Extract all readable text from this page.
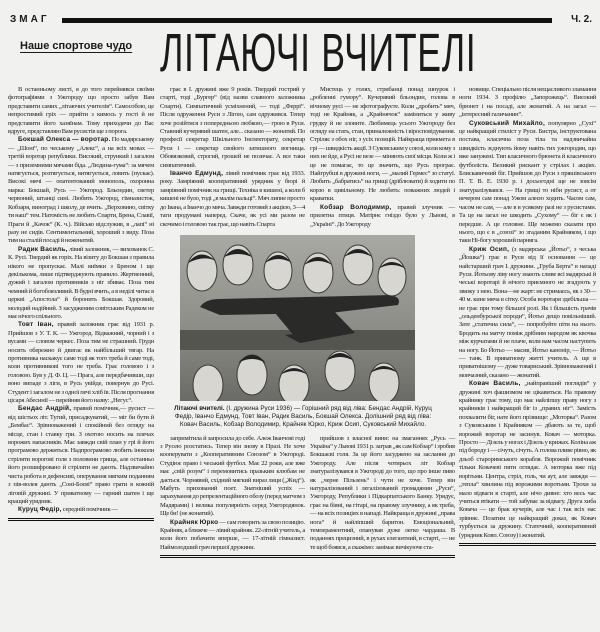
ЗМАГ	Ч. 2.
Наше спортове чудо ЛІТАЮЧІ ВЧИТЕЛІ

В останньому листі, я до того перейнявся своїми фотографіями з Ужгороду що просто забув Вам представити самих „літаючих учителів“. Самособою, це непростимий гріх — прийти з кимось у гості й не представити його хазяїнам. Тому приходячи до Вас вдруге, представляю Вам русистів ще з порога.

Бокшай Олекса — воротар. По мадярському — „Шоні“, по чеському „Алекс“, а на всіх мовах — третій воротар републики. Високий, стрункий і загалом — з приземними мячами біда. „Людина-гума“: за мячем натягується, розтягується, витягується, ловить (пускає). Високі мячі — опатентований монополь, охоронна марка: Бокшай, Русь — Ужгород. Бльондин, светер червоний, штанці сині. Любить Ужгород, гімназисток, Кобзаря, виноград і школу, де вчить. „Верховино, світку ти наш“ тем. Натомість не любить Спарти, Брена, Славії, Праги й „Качок“ (К. ч.). Військо відслужив, в „лапі“ ні разу не сидів. Сентиментальний, хороший з виду. Поза тим на сталій посаді й неженатий.

Радик Василь, лівий заложник, — вихованок С. К. Русі. Твердий як горіх. На візиту до Бокшая з правила нікого не пропускає. Малі виїмки з Бреном і ще декількома, лише підтверджують правило. Жертвенний, дужий і загалом противників з ніг збиває. Поза тим чемний й богобоязливий. В будні вчить, а в неділі читає в церкві „Апостола“ й боронить Бокшая. Здоровий, молодий надійний. З засудженим совітським Радеком не має нічого спільного.

Товт Іван, правий заложник грає від 1931 р. Прийшов з У. Т. К. — Ужгород. Відважний, чорний і з вусами — словом черкес. Поза тим не страшний. Груди носить обережно й двигає як найбільший тягар. На противника наскакує саме тоді як того треба й саме тоді, коли противникові того не треба. Грає головою і з головою. Був у Д. Ф. Ц. — Прага, але передбачивши, що воно випаде з ліги, в Русь увійде, повернув до Русі. Студент і загалом не з одної печі хліб їв. Після прогнання цісаря Абесинії — перейняв його назву: „Негус“.

Бендас Андрій, правий помічник,— русист — від шістьох літ. Тугий, присадкуватий, — міг би бути й „Бембас“. Зрівноважений і спокійний без огляду на місце, стан і ставку гри. З охотою носить на плечах ворожих напасників. Має завжди свій план у грі й його програмово держиться. Надпрограмово любить іноколи стріляти ворогові голя з половини грища, але останньо його розшифровано й стріляти не дають. Надзвичайно чиста робота в дефенсиві, оперування мягким поданням з пів-волея дають „Соні-Боєві“ право грати в кожній ліговій дружині. У приватному — гарний шатен і ще кращий урядник.

Куруц Федір, середній помічник —

грає в І. дружині вже 9 років. Твердий гострий у старті, тоді „Бургер“ (від назви славного заложника Спарти). Симпатичний усміхнений, — тоді „Феррі“. Після одруження Руси з Лігою, сам одружився. Тепер хоче розійтися з попередньою любкою,— грою в Руси. Ставний кучерявий шатен, але... сказано — жонатий. По професії секретар Шкільного Інспекторату, секретар Руси і — секретар свойого затишного вогнища. Обовязковий, строгий, грошей не позичає. А все таки симпатичний.

Іванчо Едмунд, лівий помічник грає від 1933. року. Замріяний кооперативний урядник у бюрі й замріяний помічник на грищі. Техніка в кишені, а коли б кишені не було, тоді „в малім пальці“. Мяч липне просто до Івана, а Іванчо до мяча. Завжди готовий з акцією, 3—4 таги продумані наперед. Скаче, як усі ми разом не скочимо і головою так грає, що навіть Спарта

Мистець у голях, стрибанці понад шнурок і „робленні гумору“. Кучерявий бльондин, голова в вічному русі — не зфотографуєте. Коли „дробить“ мяч, тоді не Крайняк, а „Крайнячок“ заміниться у живу грудку й не зловите. Любимець усього Ужгороду без огляду на стать, стан, приналежність і віросповідування. Стріляє з обох ніг, з усіх позицій. Найкраща прикмета в грі — швидкість акції. З Суковським у союзі, коли кому з них не йде, а Русі не везе — міняють свої місця. Коли ж і це не помагає, то це значить, що Русь програє. Найгрубші в дружині ноги, — „малий Гермес“ зо статуї. Любить „бабратись“ на грищі (дріблювати) й ходити по корзо в цивільному. Не любить: поважних людей і краватки.

Кобзар Володимир, правий злучник — прилетна птиця. Матірнє гніздо було у Львові, в „Україні“. До Ужгороду

Літаючі вчителі. (І. дружина Руси 1936) — Горішний ряд від ліва: Бендас Андрій, Куруц Федір, Іванчо Едмунд, Товт Іван, Радик Василь, Бокшай Олекса. Долішний ряд від ліва: Ковач Василь, Кобзар Володимир, Крайняк Юрко, Криж Осип, Суковський Михайло.

запримітила й запросила до себе. Алеж Іванчові годі з Русею розстатись. Тепер він знову в Празі. Не хоче кооперувати з „Кооперативним Союзом“ в Ужгороді. Студіює право і чеський футбол. Має 22 роки, але вже має „свій розум“ і перемовитись празьким клюбам не дається. Чорнявий, східний мягкий вираз лиця („Жид“). Мабуть прихований поет. Знатніший успіх — зарахування до репрезентаційного обозу (перед матчом з Мадярами) і велика популярність серед Ужгородянок. Ще би! (не жонатий).

Крайняк Юрко — сам говорить за свою позицію. Крайняк, а ближче — лівий крайняк. 22-літній учитель, а коли його побачити вперше, — 17-літній гімназист. Наймолодший грач першої дружини.

прийшов з власної вини: на змаганнях „Русь — Україна“ у Львові 1931 р. заграв „як сам Кобзар“ і зробив Бокшаєві голя. За це його засуджено на заслання до Ужгороду. Але після чотирьох літ Кобзар знатуралізувався в Ужгороді до того, що про інше пиво як „черне Пільзень“ і чути не хоче. Тепер він натуралізований і легалізований громадянин „Руси“, Ужгороду, Републики і Підкарпатського Банку. Урядує, грає на біяні, на гітарі, на правому злучнику, а як треба, — на всіх позиціях в нападі. Найкраща в дружині „права нога“ й найліпший баритон. Емоціональний, темпераментний, опанував дуже легко чардаша. В поданнях прецизний, в рухах елегантний, в старті, — не те щоб боявся, а скажімо: занімає вичікуюче ста-

новище. Спеціально після нещасливого зламання ноги 1934. З профілю „Запорожець“. Високий брюнет і на посаді, але жонатий. А на загал — „інтересний галичанин“.

Суковський Михайло, популярно „Сухі“ це найкращий стиліст у Руси. Бистра, інструктована постава, класична поза тіла та надзвичайна швидкість зєднують йому навіть тих ужгородян, що вже занужені. Тип класичного брюнета й класичного футболіста. Великий рискант у стрілах і акціях. Блискавичний біг. Прийшов до Руси з пряшівського П. Т. В. Е. 1930 р. і досьогодні ще не зовсім знатуралізувався. — На грищі то ніби русист, а от вечером сам понад Ужом алеєю ходить. Часом сам, часом не сам, — але в в усякому разі не з русистами. Та це на загал не шкодить „Сухому“ — біг є як і передше. А це головне. Ще можемо сказати про нього, що є в „союзі“ зо згаданим Крайняком, і що таки Ні-богу хороший парняга.

Криж Осип, (з мадярська „Йотьо“, з чеська „Йошка“) грає в Руси від її основання — це найстарший грач І. дружини. „Груба Берта“ в нападі Руси. Йотьову ліву ногу знають сливе всі мадярські й чеські воротарі й нічого приємного не згадують у звязку з нею. Вона—не жарт: не стримаєсь, як з 30—40 м. кине мяча в сітку. Особа воротаря здебільша — не грає при тому більшої ролі. Як і більшість грачів „ольденбурської породи“, Йотьо дещо повільніший. Зате „статична сила“, — попробуйте піти на нього. Бродить на матчу поміж дрібним народом як квочка між курчатами й не плаче, коли вам часом наступить на ногу. Бо Йотьо — масив, Йотьо канонір, — Йотьо — танк. В приватному житті учитель. А ще в приватнішому — дуже товариський. Зрівноважений і мовчазний, сказано — жонатий.

Ковач Василь, „найправіший поглядів“ у дружині хоч фашизмом не цікавиться. На правому крайнику грає тому, що має найліпшу праву ногу з крайників і найкращий біг із „правих ніг“. Замість похвалити біг, нате його прізвище: „Моторка“. Разом з Суковським і Крайняком — дбають за те, щоб ворожий воротар не засинув. Ковач — моторка. Просто — Дізель у ногах і Дізель у крижах. Коліна аж під бороду і — січуть, січуть. А голова пливе рівно, як дзьоб староримського корабля. Ворожий помічник тільки Ковачеві пяти оглядає. А моторка вже під ворітьми. Центра, стріл, голь, чи аут, але завжди — „тепла“ хвилина під ворожими воротьми. Трохи за мало відваги в старті, але нічо дивне: хто весь час учиться втікати — той забуває за відвагу. Друга хиба Ковача — це брак кучерів, але час і так всіх нас зрівняє. Позатим це найкращий доказ, як Ковач турбується за дружину. Статечний, кооперативний (урядник Ковп. Союзу) і жонатий.
